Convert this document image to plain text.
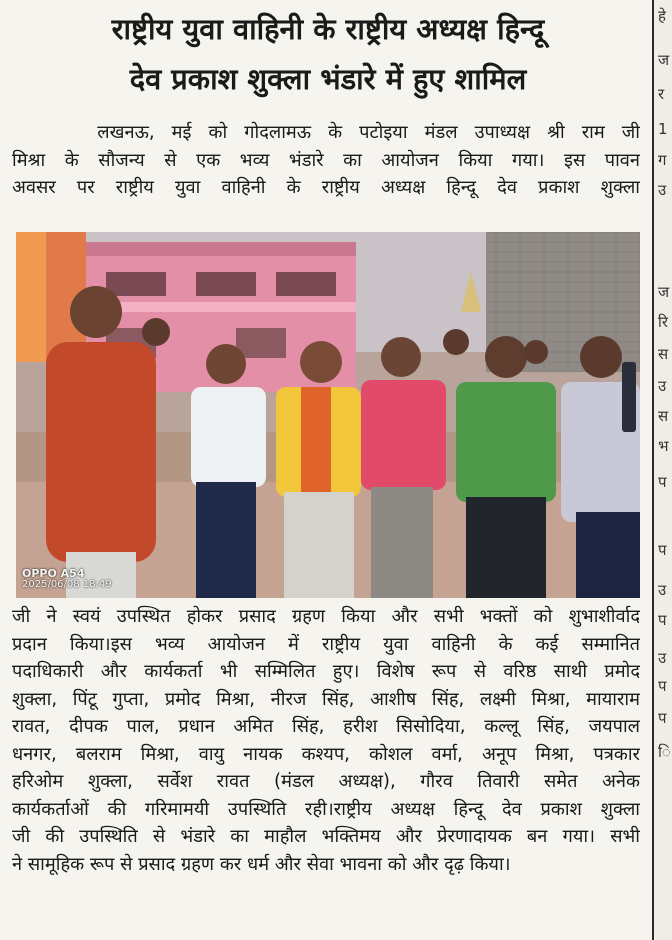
राष्ट्रीय युवा वाहिनी के राष्ट्रीय अध्यक्ष हिन्दू
देव प्रकाश शुक्ला भंडारे में हुए शामिल
लखनऊ, मई को गोदलामऊ के पटोइया मंडल उपाध्यक्ष श्री राम जी
मिश्रा के सौजन्य से एक भव्य भंडारे का आयोजन किया गया। इस पावन
अवसर पर राष्ट्रीय युवा वाहिनी के राष्ट्रीय अध्यक्ष हिन्दू देव प्रकाश शुक्ला
OPPO A54
2025/06/08 18:49
जी ने स्वयं उपस्थित होकर प्रसाद ग्रहण किया और सभी भक्तों को शुभाशीर्वाद
प्रदान किया।इस भव्य आयोजन में राष्ट्रीय युवा वाहिनी के कई सम्मानित
पदाधिकारी और कार्यकर्ता भी सम्मिलित हुए। विशेष रूप से वरिष्ठ साथी प्रमोद
शुक्ला, पिंटू गुप्ता, प्रमोद मिश्रा, नीरज सिंह, आशीष सिंह, लक्ष्मी मिश्रा, मायाराम
रावत, दीपक पाल, प्रधान अमित सिंह, हरीश सिसोदिया, कल्लू सिंह, जयपाल
धनगर, बलराम मिश्रा, वायु नायक कश्यप, कोशल वर्मा, अनूप मिश्रा, पत्रकार
हरिओम शुक्ला, सर्वेश रावत (मंडल अध्यक्ष), गौरव तिवारी समेत अनेक
कार्यकर्ताओं की गरिमामयी उपस्थिति रही।राष्ट्रीय अध्यक्ष हिन्दू देव प्रकाश शुक्ला
जी की उपस्थिति से भंडारे का माहौल भक्तिमय और प्रेरणादायक बन गया। सभी
ने सामूहिक रूप से प्रसाद ग्रहण कर धर्म और सेवा भावना को और दृढ़ किया।
हे
ज
र
1
ग
उ
ज
रि
स
उ
स
भ
प
प
उ
प
उ
प
प
ि
